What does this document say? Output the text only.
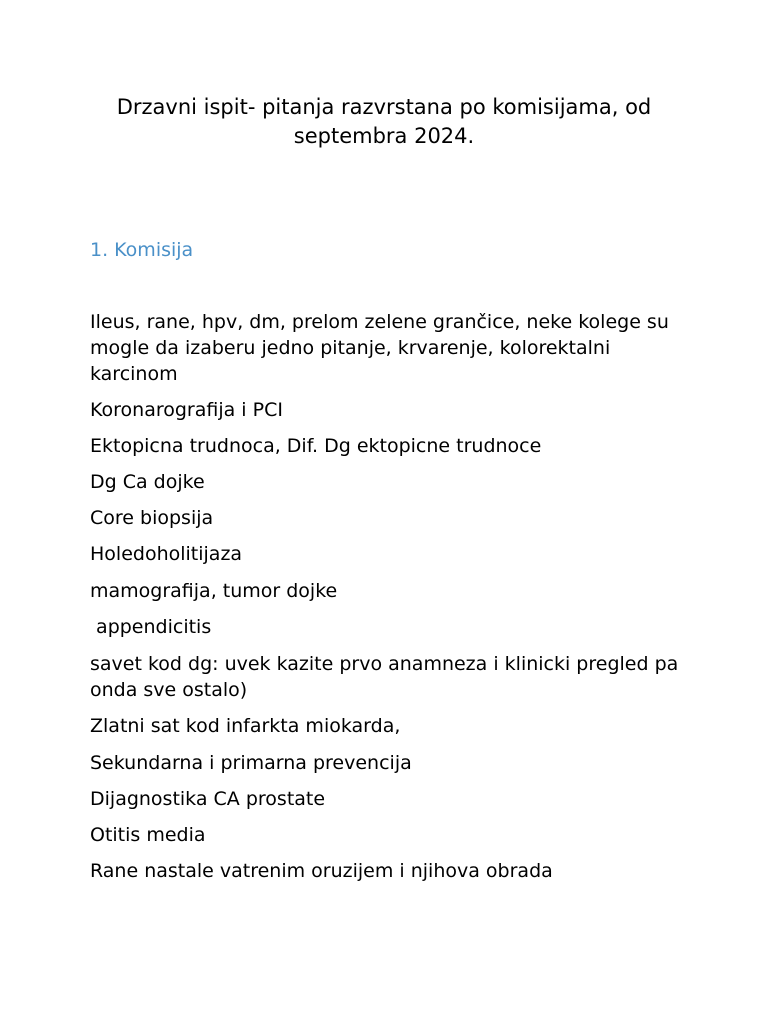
Drzavni ispit- pitanja razvrstana po komisijama, od
septembra 2024.
1. Komisija

Ileus, rane, hpv, dm, prelom zelene grančice, neke kolege su mogle da izaberu jedno pitanje, krvarenje, kolorektalni karcinom

Koronarografija i PCI

Ektopicna trudnoca, Dif. Dg ektopicne trudnoce

Dg Ca dojke

Core biopsija

Holedoholitijaza

mamografija, tumor dojke

appendicitis

savet kod dg: uvek kazite prvo anamneza i klinicki pregled pa onda sve ostalo)

Zlatni sat kod infarkta miokarda,

Sekundarna i primarna prevencija

Dijagnostika CA prostate

Otitis media

Rane nastale vatrenim oruzijem i njihova obrada
